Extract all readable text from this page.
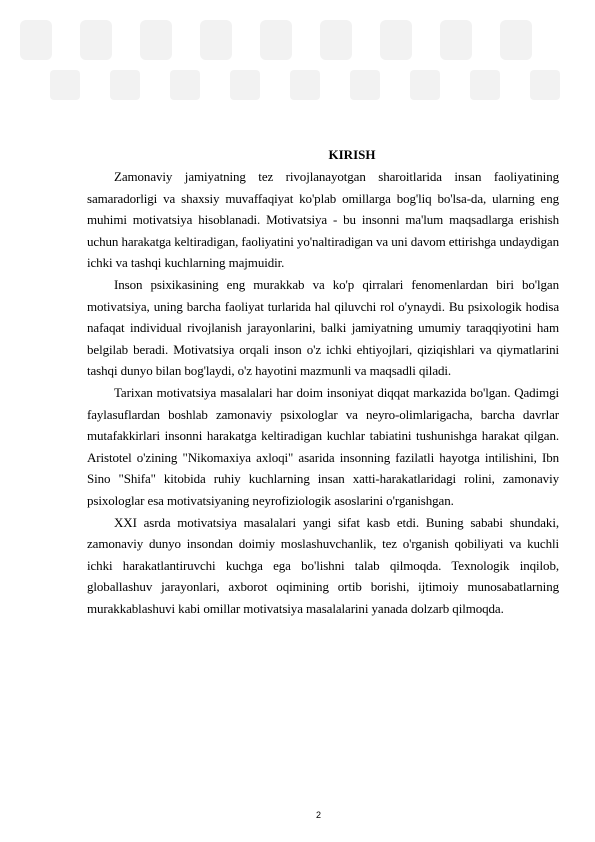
KIRISH

Zamonaviy jamiyatning tez rivojlanayotgan sharoitlarida insan faoliyatining samaradorligi va shaxsiy muvaffaqiyat ko'plab omillarga bog'liq bo'lsa-da, ularning eng muhimi motivatsiya hisoblanadi. Motivatsiya - bu insonni ma'lum maqsadlarga erishish uchun harakatga keltiradigan, faoliyatini yo'naltiradigan va uni davom ettirishga undaydigan ichki va tashqi kuchlarning majmuidir.

Inson psixikasining eng murakkab va ko'p qirralari fenomenlardan biri bo'lgan motivatsiya, uning barcha faoliyat turlarida hal qiluvchi rol o'ynaydi. Bu psixologik hodisa nafaqat individual rivojlanish jarayonlarini, balki jamiyatning umumiy taraqqiyotini ham belgilab beradi. Motivatsiya orqali inson o'z ichki ehtiyojlari, qiziqishlari va qiymatlarini tashqi dunyo bilan bog'laydi, o'z hayotini mazmunli va maqsadli qiladi.

Tarixan motivatsiya masalalari har doim insoniyat diqqat markazida bo'lgan. Qadimgi faylasuflardan boshlab zamonaviy psixologlar va neyro-olimlarigacha, barcha davrlar mutafakkirlari insonni harakatga keltiradigan kuchlar tabiatini tushunishga harakat qilgan. Aristotel o'zining "Nikomaxiya axloqi" asarida insonning fazilatli hayotga intilishini, Ibn Sino "Shifa" kitobida ruhiy kuchlarning insan xatti-harakatlaridagi rolini, zamonaviy psixologlar esa motivatsiyaning neyrofiziologik asoslarini o'rganishgan.

XXI asrda motivatsiya masalalari yangi sifat kasb etdi. Buning sababi shundaki, zamonaviy dunyo insondan doimiy moslashuvchanlik, tez o'rganish qobiliyati va kuchli ichki harakatlantiruvchi kuchga ega bo'lishni talab qilmoqda. Texnologik inqilob, globallashuv jarayonlari, axborot oqimining ortib borishi, ijtimoiy munosabatlarning murakkablashuvi kabi omillar motivatsiya masalalarini yanada dolzarb qilmoqda.

2
